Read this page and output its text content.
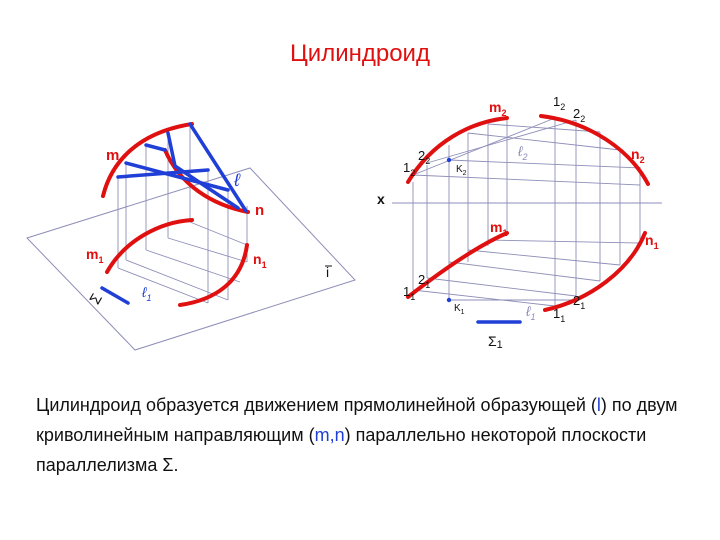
Цилиндроид
m
ℓ
n
$m_1$	$n_1$
ℓ$_1$
Σ
i
$m_2$
$1_2$ $2_2$
ℓ$_2$	$n_2$
$1_2$
$2_2$
$K_2$
x
$m_1$	$n_1$
$2_1$
$1_1$
$K_1$	ℓ$_1$
$2_1$
$1_1$
Σ1
Цилиндроид образуется движением прямолинейной образующей (l) по двум криволинейным направляющим (m,n) параллельно некоторой плоскости параллелизма Σ.
